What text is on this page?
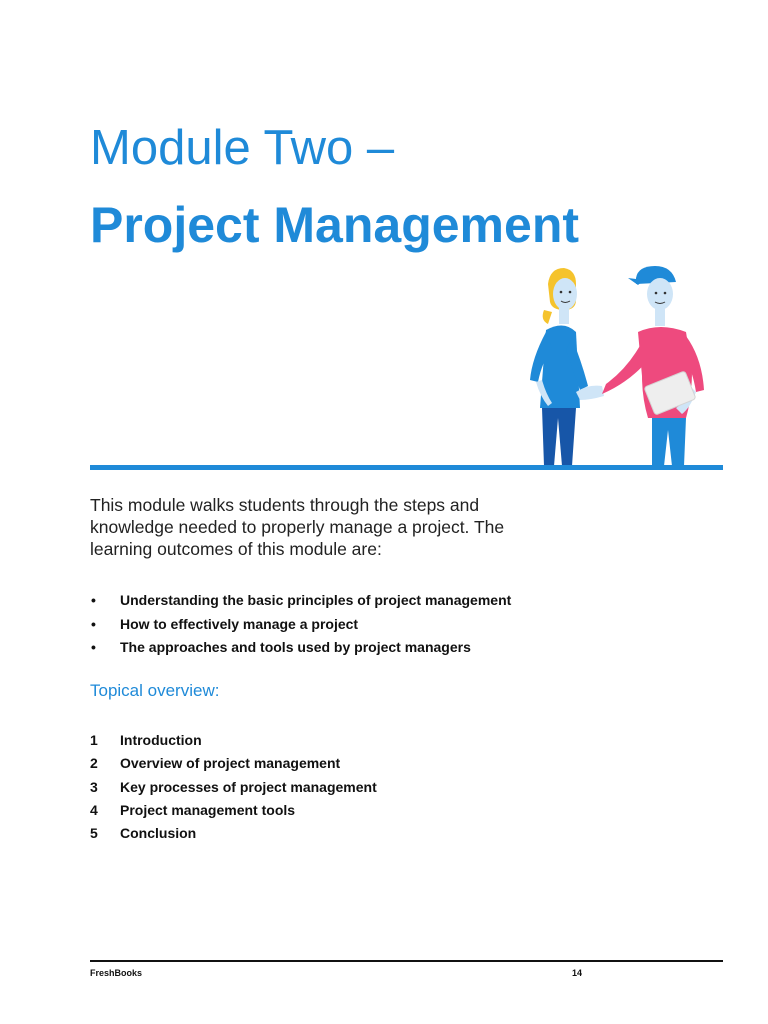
Module Two –
Project Management

This module walks students through the steps and knowledge needed to properly manage a project. The learning outcomes of this module are:

• Understanding the basic principles of project management
• How to effectively manage a project
• The approaches and tools used by project managers
Topical overview:
1 Introduction
2 Overview of project management
3 Key processes of project management
4 Project management tools
5 Conclusion
FreshBooks	14
